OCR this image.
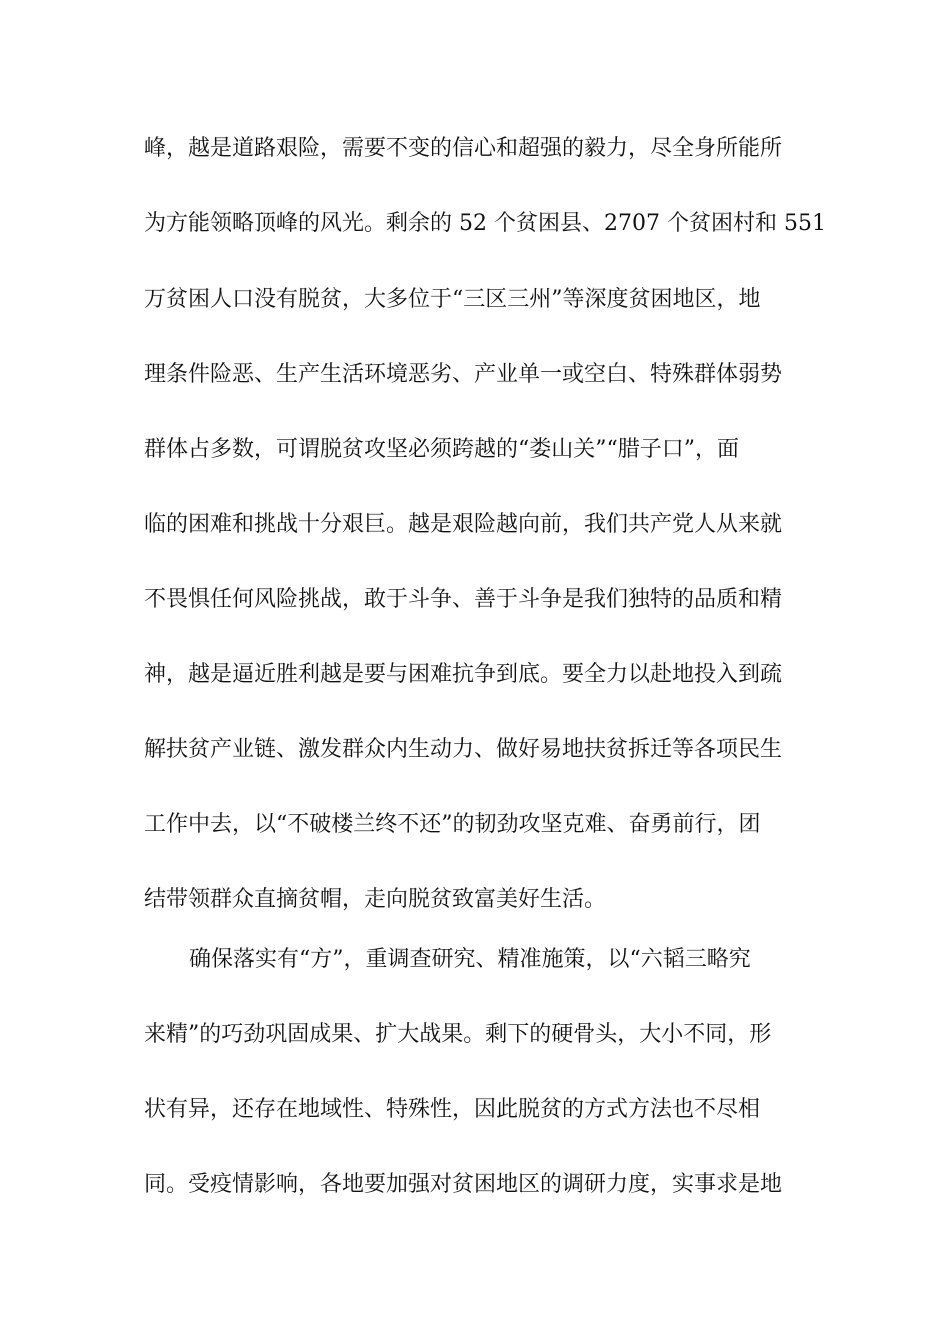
峰，越是道路艰险，需要不变的信心和超强的毅力，尽全身所能所
为方能领略顶峰的风光。剩余的 52 个贫困县、2707 个贫困村和 551
万贫困人口没有脱贫，大多位于“三区三州”等深度贫困地区，地
理条件险恶、生产生活环境恶劣、产业单一或空白、特殊群体弱势
群体占多数，可谓脱贫攻坚必须跨越的“娄山关”“腊子口”，面
临的困难和挑战十分艰巨。越是艰险越向前，我们共产党人从来就
不畏惧任何风险挑战，敢于斗争、善于斗争是我们独特的品质和精
神，越是逼近胜利越是要与困难抗争到底。要全力以赴地投入到疏
解扶贫产业链、激发群众内生动力、做好易地扶贫拆迁等各项民生
工作中去，以“不破楼兰终不还”的韧劲攻坚克难、奋勇前行，团
结带领群众直摘贫帽，走向脱贫致富美好生活。
确保落实有“方”，重调查研究、精准施策，以“六韬三略究
来精”的巧劲巩固成果、扩大战果。剩下的硬骨头，大小不同，形
状有异，还存在地域性、特殊性，因此脱贫的方式方法也不尽相
同。受疫情影响，各地要加强对贫困地区的调研力度，实事求是地
